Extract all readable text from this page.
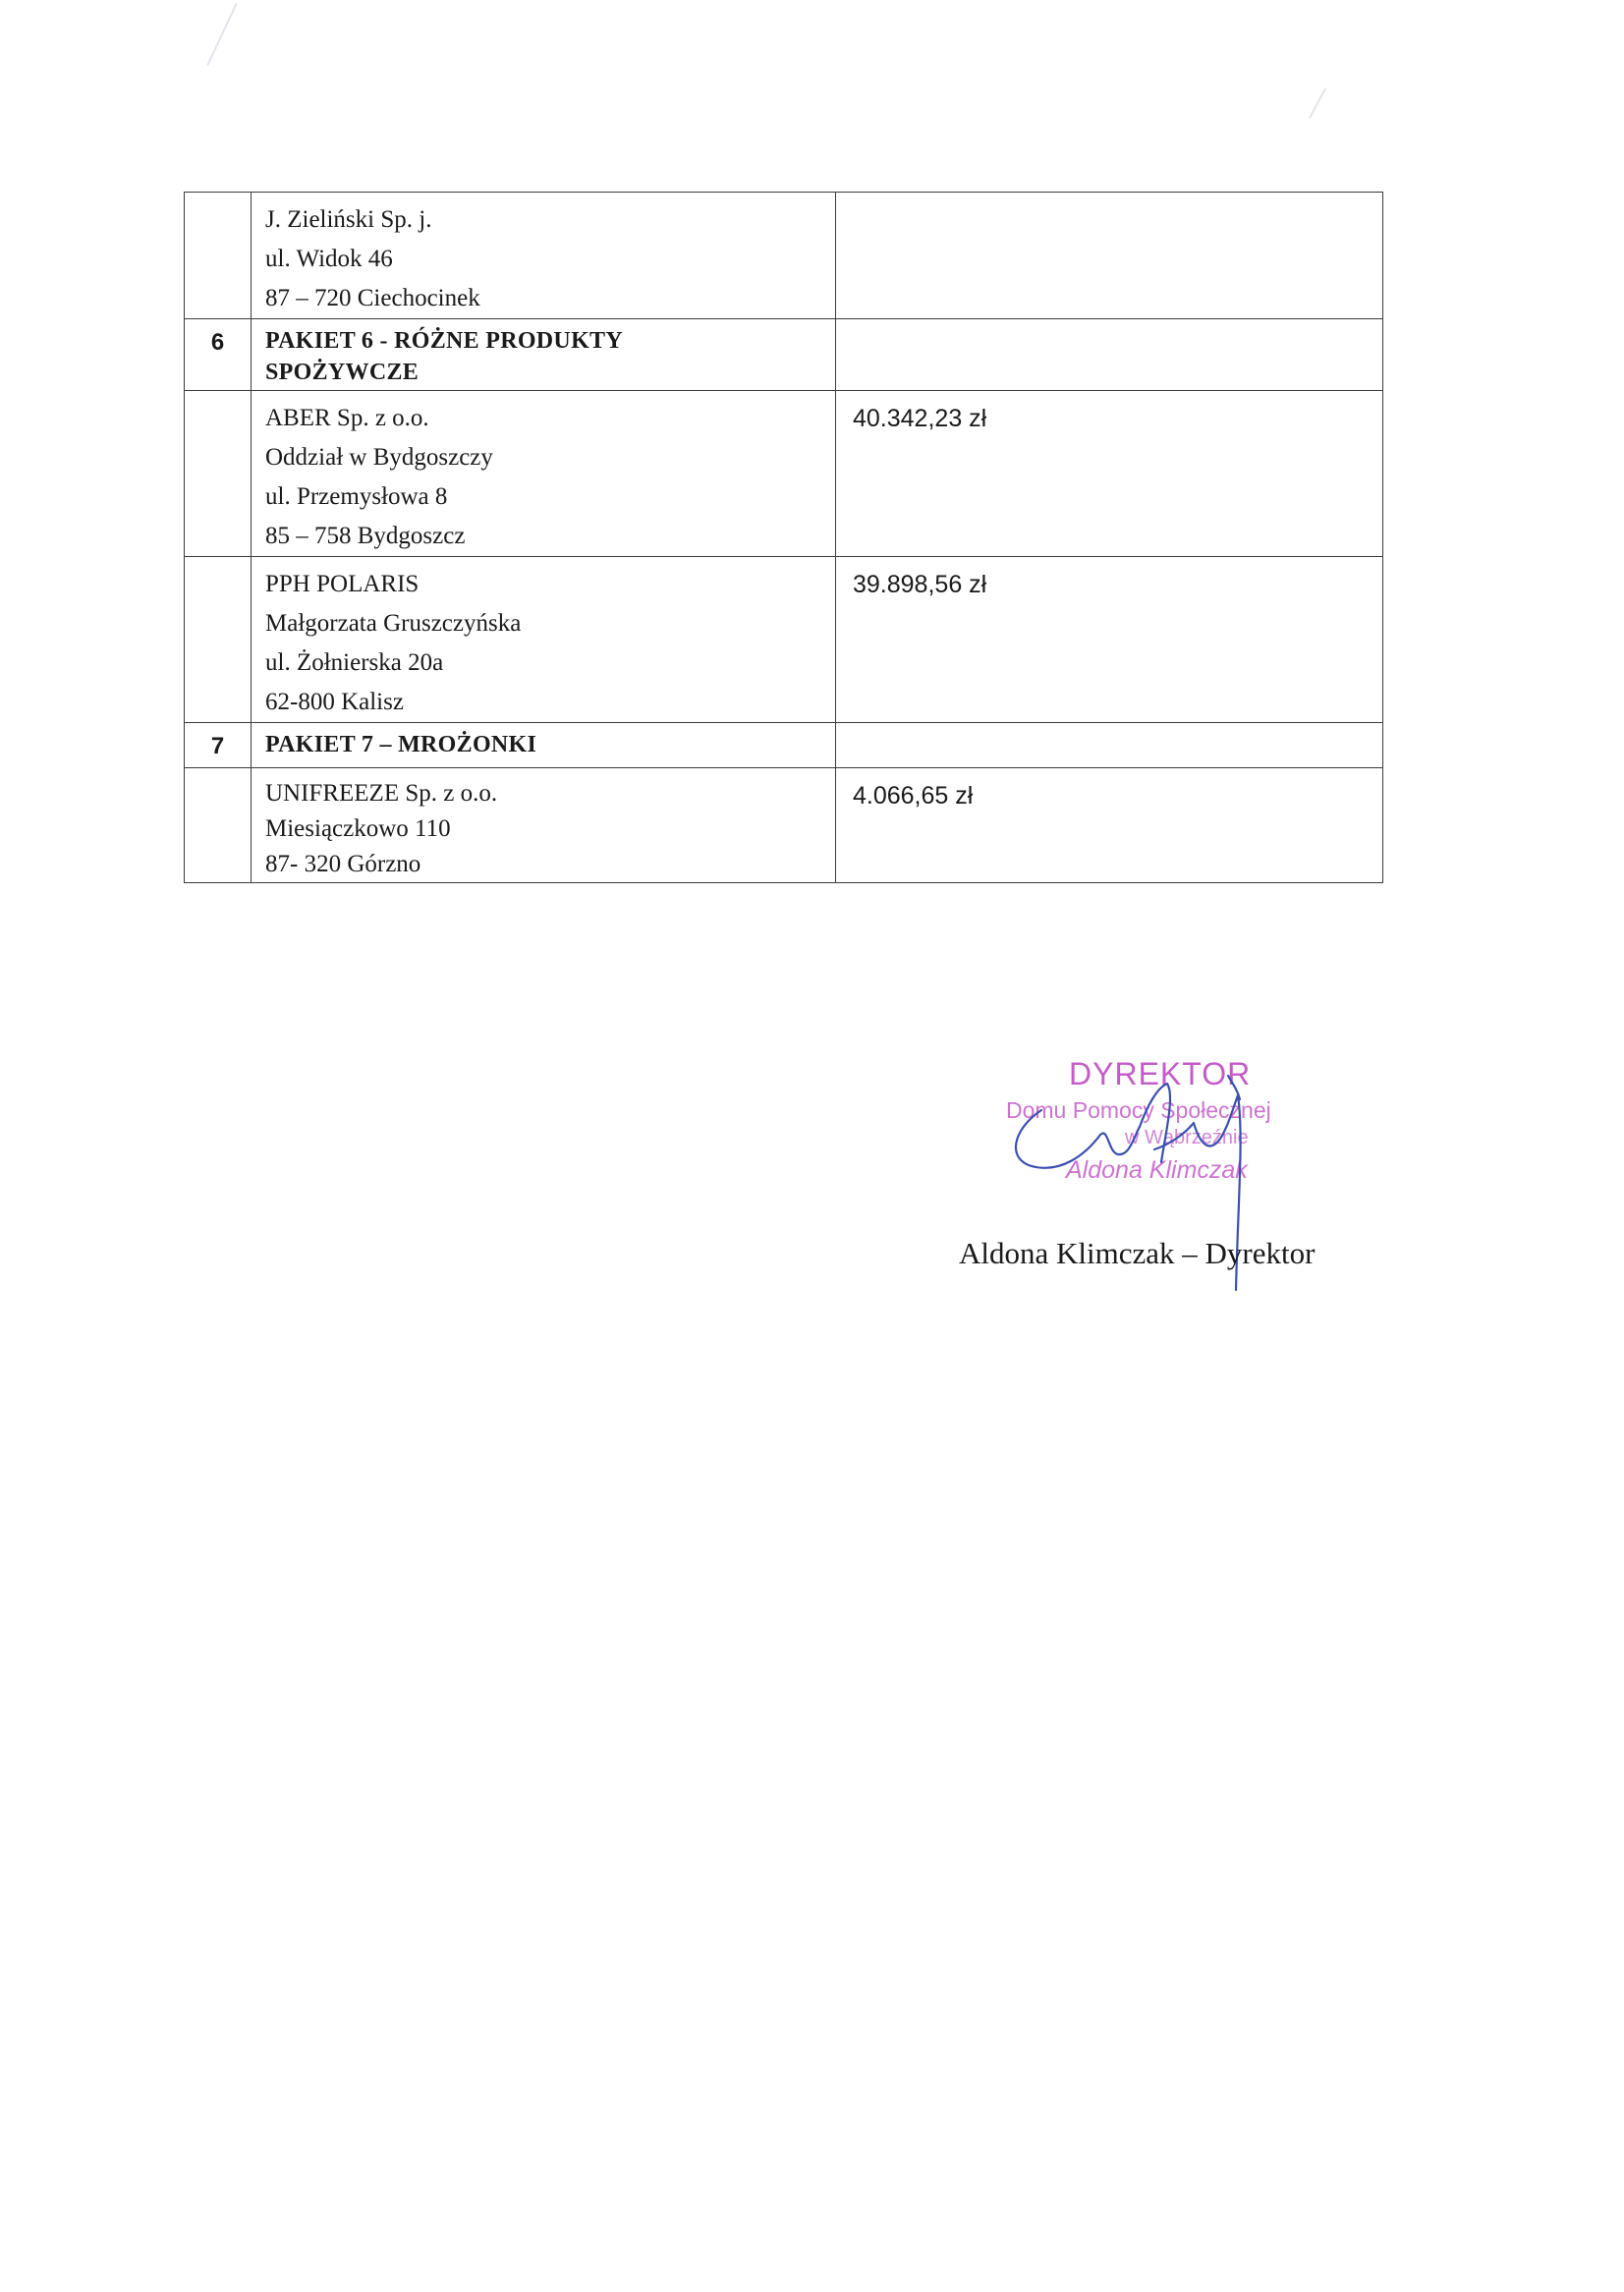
	J. Zieliński Sp. j.
ul. Widok 46
87 – 720 Ciechocinek	

6	PAKIET 6 - RÓŻNE PRODUKTY
SPOŻYWCZE	

	ABER Sp. z o.o.
Oddział w Bydgoszczy
ul. Przemysłowa 8
85 – 758 Bydgoszcz	40.342,23 zł

	PPH POLARIS
Małgorzata Gruszczyńska
ul. Żołnierska 20a
62-800 Kalisz	39.898,56 zł

7	PAKIET 7 – MROŻONKI	

	UNIFREEZE Sp. z o.o.
Miesiączkowo 110
87- 320 Górzno	4.066,65 zł
DYREKTOR
Domu Pomocy Społecznej
w Wąbrzeźnie
Aldona Klimczak
Aldona Klimczak – Dyrektor
